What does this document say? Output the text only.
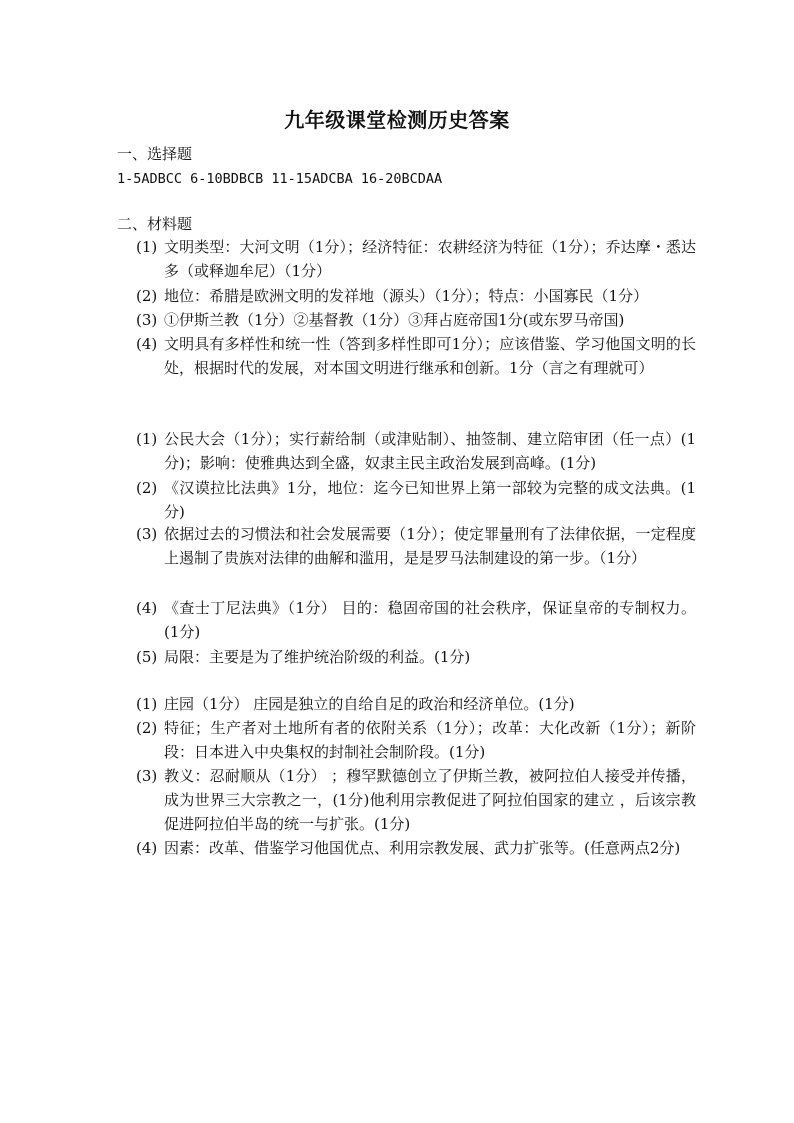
九年级课堂检测历史答案
一、选择题
1-5ADBCC 6-10BDBCB 11-15ADCBA 16-20BCDAA
二、材料题
(1) 文明类型：大河文明（1分）；经济特征：农耕经济为特征（1分）；乔达摩・悉达多（或释迦牟尼）（1分）
(2) 地位：希腊是欧洲文明的发祥地（源头）（1分）；特点：小国寡民（1分）
(3) ①伊斯兰教（1分）②基督教（1分）③拜占庭帝国1分(或东罗马帝国)
(4) 文明具有多样性和统一性（答到多样性即可1分）；应该借鉴、学习他国文明的长处，根据时代的发展，对本国文明进行继承和创新。1分（言之有理就可）
(1) 公民大会（1分）；实行薪给制（或津贴制）、抽签制、建立陪审团（任一点）(1分)；影响：使雅典达到全盛，奴隶主民主政治发展到高峰。(1分)
(2) 《汉谟拉比法典》1分，地位：迄今已知世界上第一部较为完整的成文法典。(1分)
(3) 依据过去的习惯法和社会发展需要（1分）；使定罪量刑有了法律依据，一定程度上遏制了贵族对法律的曲解和滥用，是是罗马法制建设的第一步。（1分）
(4) 《查士丁尼法典》（1分） 目的：稳固帝国的社会秩序，保证皇帝的专制权力。(1分)
(5) 局限：主要是为了维护统治阶级的利益。(1分)
(1) 庄园（1分） 庄园是独立的自给自足的政治和经济单位。(1分)
(2) 特征；生产者对土地所有者的依附关系（1分）；改革：大化改新（1分）；新阶段：日本进入中央集权的封制社会制阶段。(1分)
(3) 教义：忍耐顺从（1分） ；穆罕默德创立了伊斯兰教，被阿拉伯人接受并传播，成为世界三大宗教之一，(1分)他利用宗教促进了阿拉伯国家的建立 ，后该宗教促进阿拉伯半岛的统一与扩张。(1分)
(4) 因素：改革、借鉴学习他国优点、利用宗教发展、武力扩张等。(任意两点2分)
